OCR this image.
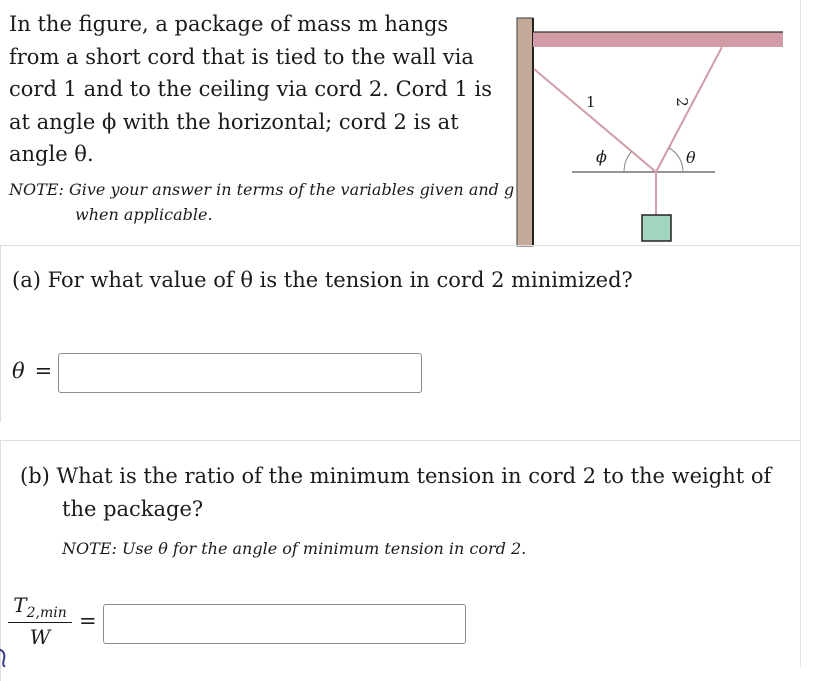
In the figure, a package of mass m hangs from a short cord that is tied to the wall via cord 1 and to the ceiling via cord 2. Cord 1 is at angle ϕ with the horizontal; cord 2 is at angle θ.
NOTE: Give your answer in terms of the variables given and g when applicable.
1	2
ϕ	θ
(a) For what value of θ is the tension in cord 2 minimized?
θ =
(b) What is the ratio of the minimum tension in cord 2 to the weight of the package?
NOTE: Use θ for the angle of minimum tension in cord 2.
$T_{2,min}$
W
=
